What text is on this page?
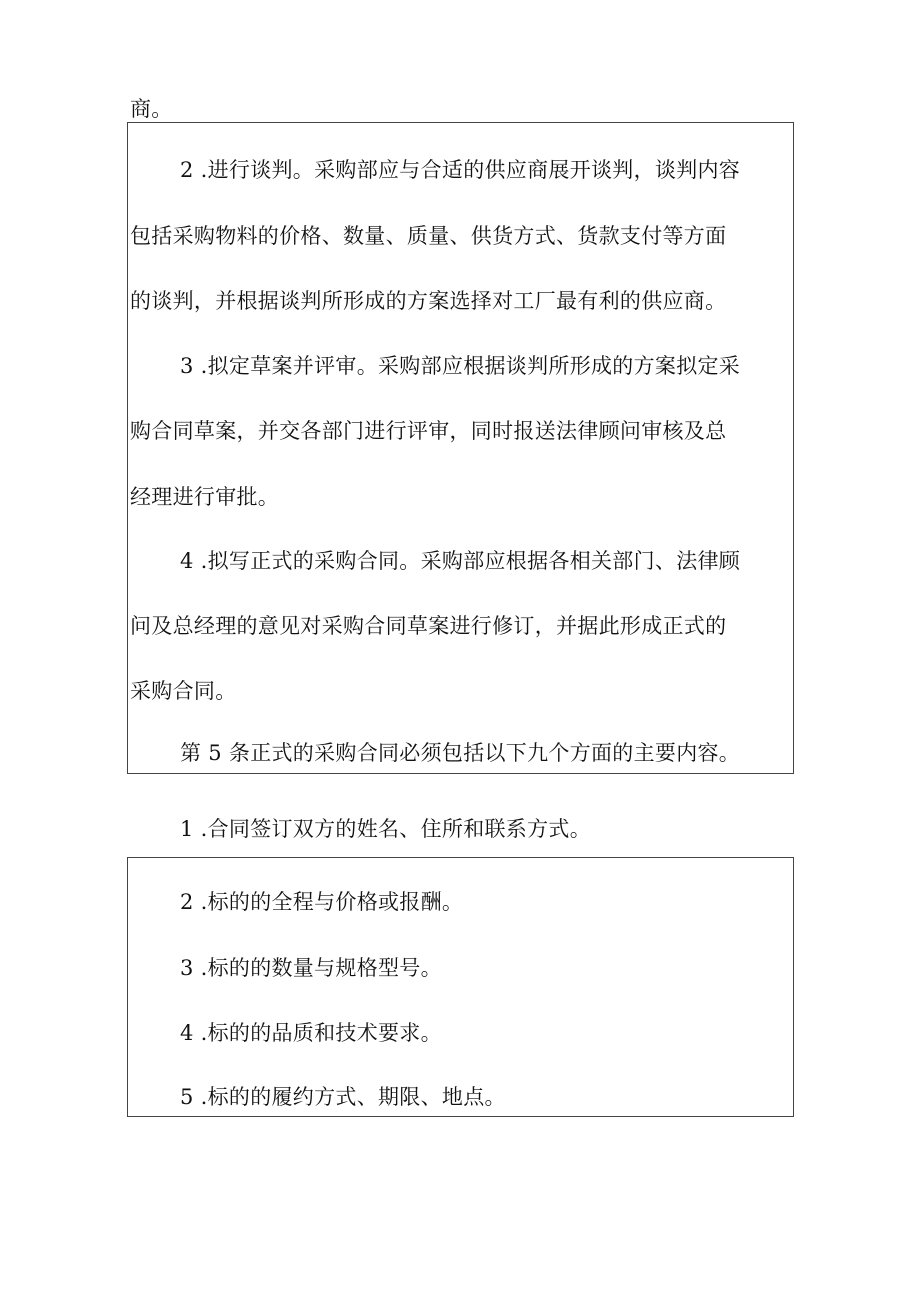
商。
2 .进行谈判。采购部应与合适的供应商展开谈判，谈判内容
包括采购物料的价格、数量、质量、供货方式、货款支付等方面
的谈判，并根据谈判所形成的方案选择对工厂最有利的供应商。
3 .拟定草案并评审。采购部应根据谈判所形成的方案拟定采
购合同草案，并交各部门进行评审，同时报送法律顾问审核及总
经理进行审批。
4 .拟写正式的采购合同。采购部应根据各相关部门、法律顾
问及总经理的意见对采购合同草案进行修订，并据此形成正式的
采购合同。
第 5 条正式的采购合同必须包括以下九个方面的主要内容。
1 .合同签订双方的姓名、住所和联系方式。
2 .标的的全程与价格或报酬。
3 .标的的数量与规格型号。
4 .标的的品质和技术要求。
5 .标的的履约方式、期限、地点。
